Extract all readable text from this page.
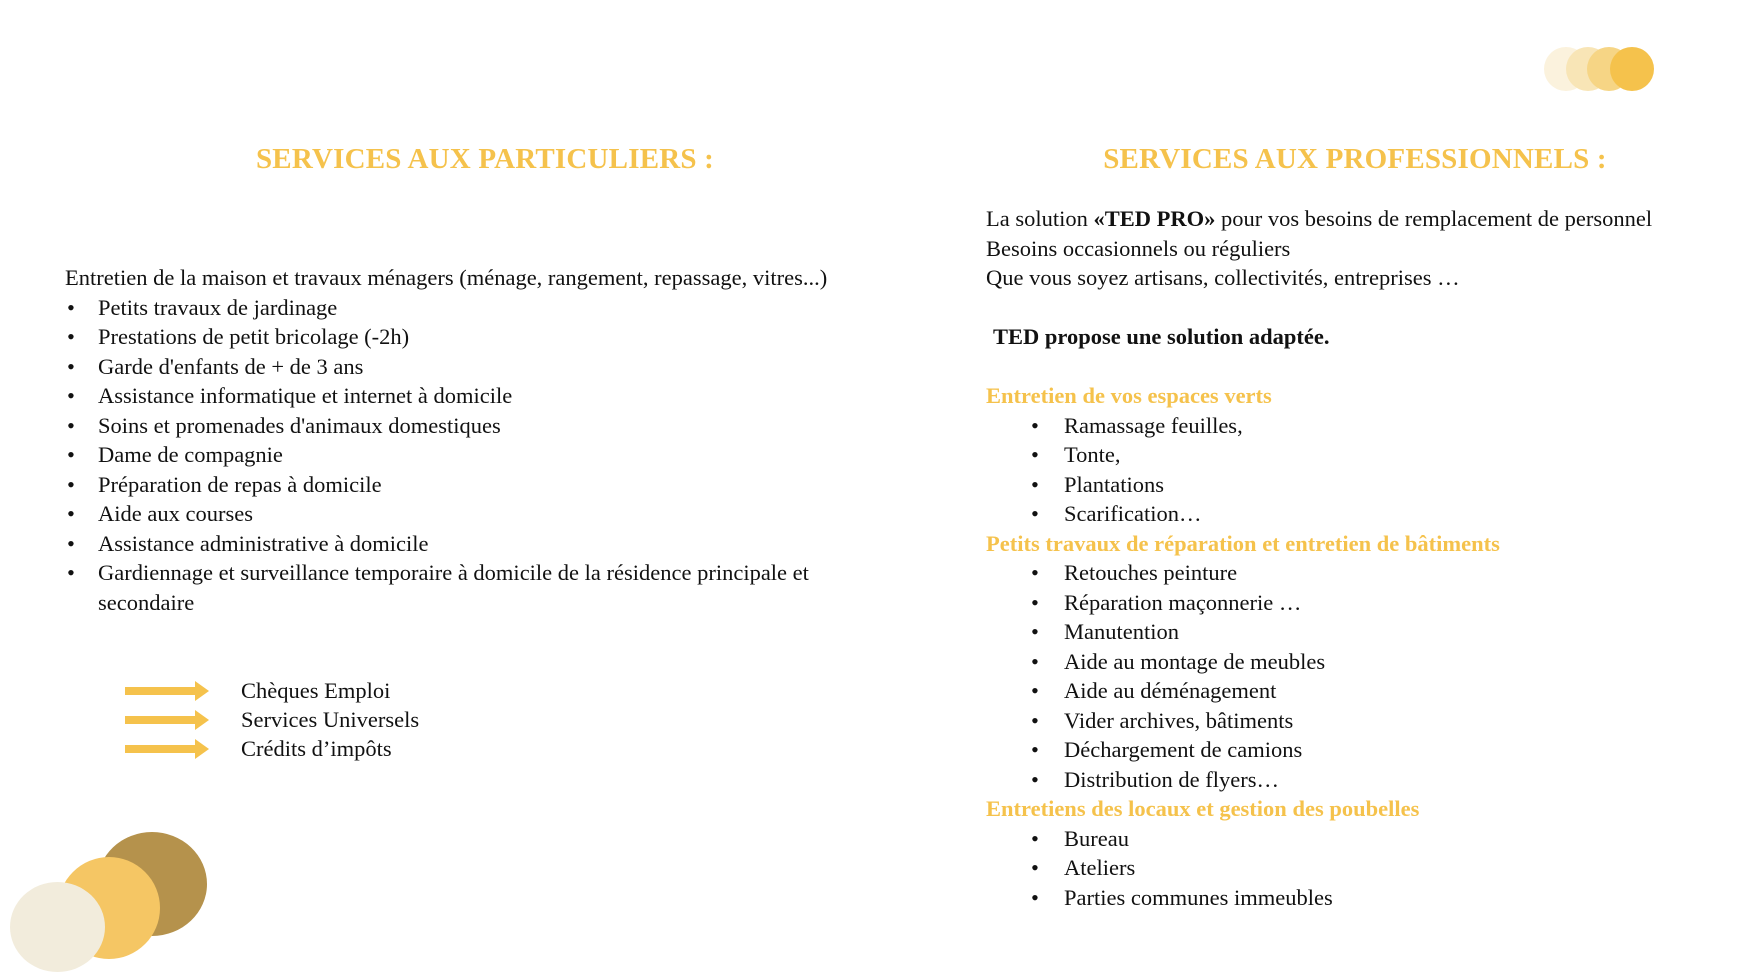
SERVICES AUX PARTICULIERS :
Entretien de la maison et travaux ménagers (ménage, rangement, repassage, vitres...)
• Petits travaux de jardinage
• Prestations de petit bricolage (-2h)
• Garde d'enfants de + de 3 ans
• Assistance informatique et internet à domicile
• Soins et promenades d'animaux domestiques
• Dame de compagnie
• Préparation de repas à domicile
• Aide aux courses
• Assistance administrative à domicile
• Gardiennage et surveillance temporaire à domicile de la résidence principale et secondaire
Chèques Emploi
Services Universels
Crédits d’impôts
SERVICES AUX PROFESSIONNELS :
La solution «TED PRO» pour vos besoins de remplacement de personnel
Besoins occasionnels ou réguliers
Que vous soyez artisans, collectivités, entreprises …
TED propose une solution adaptée.
Entretien de vos espaces verts
• Ramassage feuilles,
• Tonte,
• Plantations
• Scarification…
Petits travaux de réparation et entretien de bâtiments
• Retouches peinture
• Réparation maçonnerie …
• Manutention
• Aide au montage de meubles
• Aide au déménagement
• Vider archives, bâtiments
• Déchargement de camions
• Distribution de flyers…
Entretiens des locaux et gestion des poubelles
• Bureau
• Ateliers
• Parties communes immeubles
